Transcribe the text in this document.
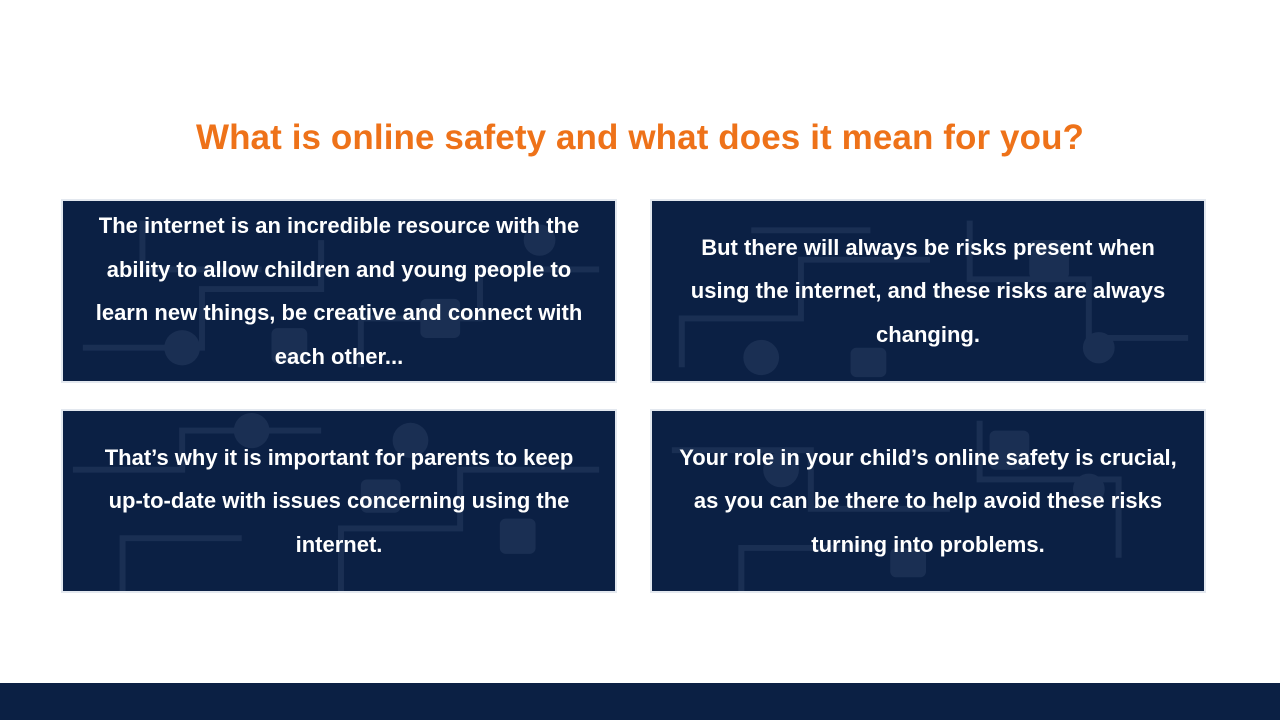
What is online safety and what does it mean for you?
The internet is an incredible resource with the ability to allow children and young people to learn new things, be creative and connect with each other...
But there will always be risks present when using the internet, and these risks are always changing.
That’s why it is important for parents to keep up-to-date with issues concerning using the internet.
Your role in your child’s online safety is crucial, as you can be there to help avoid these risks turning into problems.
